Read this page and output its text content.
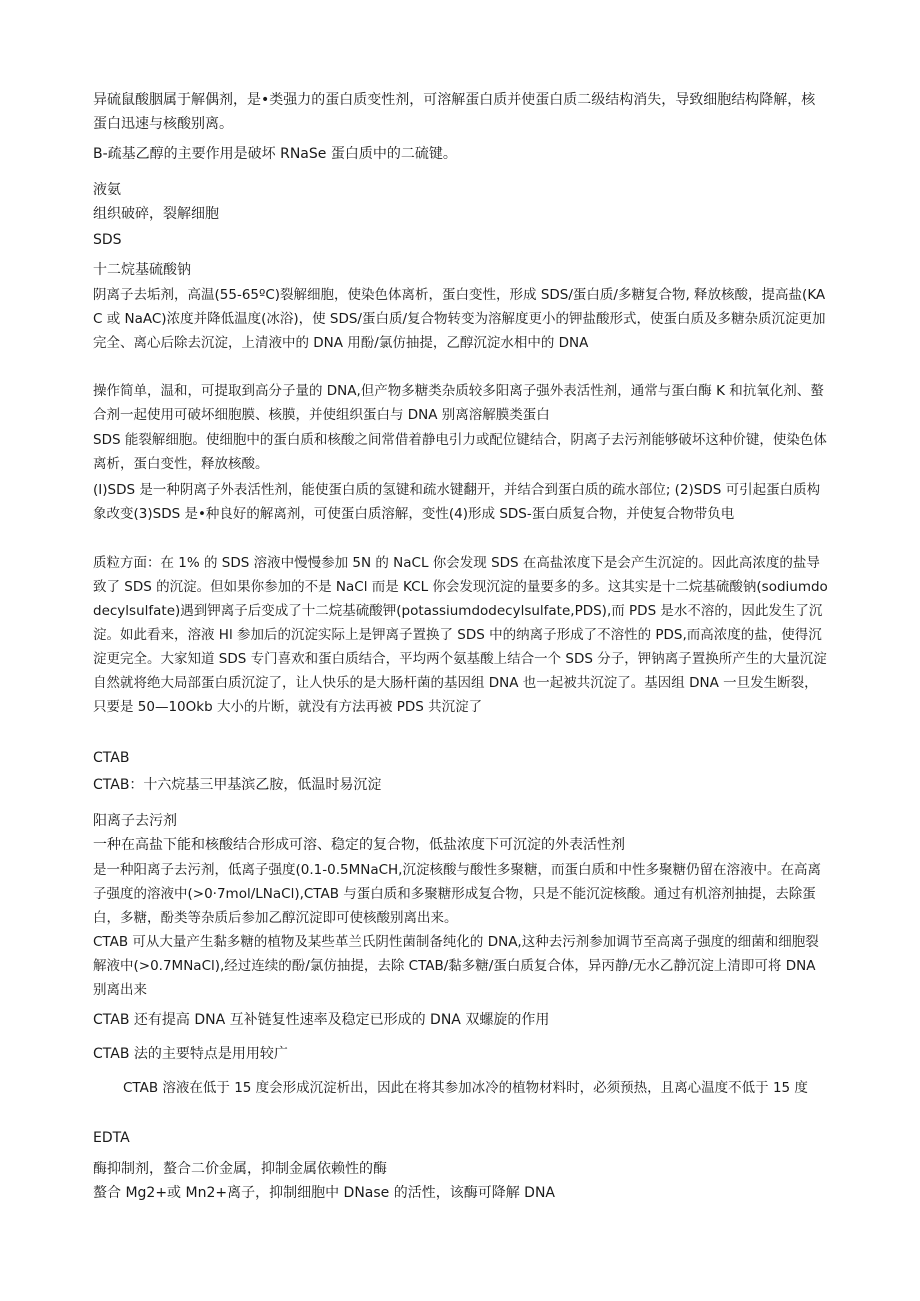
异硫鼠酸胭属于解偶剂，是•类强力的蛋白质变性剂，可溶解蛋白质并使蛋白质二级结构消失，导致细胞结构降解，核蛋白迅速与核酸别离。

B-疏基乙醇的主要作用是破坏 RNaSe 蛋白质中的二硫键。

液氨

组织破碎，裂解细胞

SDS

十二烷基硫酸钠

阴离子去垢剂，高温(55-65ºC)裂解细胞，使染色体离析，蛋白变性，形成 SDS/蛋白质/多糖复合物, 释放核酸，提高盐(KAC 或 NaAC)浓度并降低温度(冰浴)，使 SDS/蛋白质/复合物转变为溶解度更小的钾盐酸形式，使蛋白质及多糖杂质沉淀更加完全、离心后除去沉淀，上清液中的 DNA 用酚/氯仿抽提，乙醇沉淀水相中的 DNA

操作简单，温和，可提取到高分子量的 DNA,但产物多糖类杂质较多阳离子强外表活性剂，通常与蛋白酶 K 和抗氧化剂、螯合剂一起使用可破坏细胞膜、核膜，并使组织蛋白与 DNA 别离溶解膜类蛋白

SDS 能裂解细胞。使细胞中的蛋白质和核酸之间常借着静电引力或配位键结合，阴离子去污剂能够破坏这种价键，使染色体离析，蛋白变性，释放核酸。

(I)SDS 是一种阴离子外表活性剂，能使蛋白质的氢键和疏水键翻开，并结合到蛋白质的疏水部位; (2)SDS 可引起蛋白质构象改变(3)SDS 是•种良好的解离剂，可使蛋白质溶解，变性(4)形成 SDS-蛋白质复合物，并使复合物带负电

质粒方面：在 1% 的 SDS 溶液中慢慢参加 5N 的 NaCL 你会发现 SDS 在高盐浓度下是会产生沉淀的。因此高浓度的盐导致了 SDS 的沉淀。但如果你参加的不是 NaCl 而是 KCL 你会发现沉淀的量要多的多。这其实是十二烷基硫酸钠(sodiumdodecylsulfate)遇到钾离子后变成了十二烷基硫酸钾(potassiumdodecylsulfate,PDS),而 PDS 是水不溶的，因此发生了沉淀。如此看来，溶液 Hl 参加后的沉淀实际上是钾离子置换了 SDS 中的纳离子形成了不溶性的 PDS,而高浓度的盐，使得沉淀更完全。大家知道 SDS 专门喜欢和蛋白质结合，平均两个氨基酸上结合一个 SDS 分子，钾钠离子置换所产生的大量沉淀自然就将绝大局部蛋白质沉淀了，让人快乐的是大肠杆菌的基因组 DNA 也一起被共沉淀了。基因组 DNA 一旦发生断裂，只要是 50—10Okb 大小的片断，就没有方法再被 PDS 共沉淀了

CTAB

CTAB：十六烷基三甲基滨乙胺，低温时易沉淀

阳离子去污剂

一种在高盐下能和核酸结合形成可溶、稳定的复合物，低盐浓度下可沉淀的外表活性剂

是一种阳离子去污剂，低离子强度(0.1-0.5MNaCH,沉淀核酸与酸性多聚糖，而蛋白质和中性多聚糖仍留在溶液中。在高离子强度的溶液中(>0·7mol/LNaCl),CTAB 与蛋白质和多聚糖形成复合物，只是不能沉淀核酸。通过有机溶剂抽提，去除蛋白，多糖，酚类等杂质后参加乙醇沉淀即可使核酸别离出来。

CTAB 可从大量产生黏多糖的植物及某些革兰氏阴性菌制备纯化的 DNA,这种去污剂参加调节至高离子强度的细菌和细胞裂解液中(>0.7MNaCl),经过连续的酚/氯仿抽提，去除 CTAB/黏多糖/蛋白质复合体，异丙静/无水乙静沉淀上清即可将 DNA 别离出来

CTAB 还有提高 DNA 互补链复性速率及稳定已形成的 DNA 双螺旋的作用

CTAB 法的主要特点是用用较广

CTAB 溶液在低于 15 度会形成沉淀析出，因此在将其参加冰冷的植物材料时，必须预热，且离心温度不低于 15 度

EDTA

酶抑制剂，螯合二价金属，抑制金属依赖性的酶

螯合 Mg2+或 Mn2+离子，抑制细胞中 DNase 的活性，该酶可降解 DNA
